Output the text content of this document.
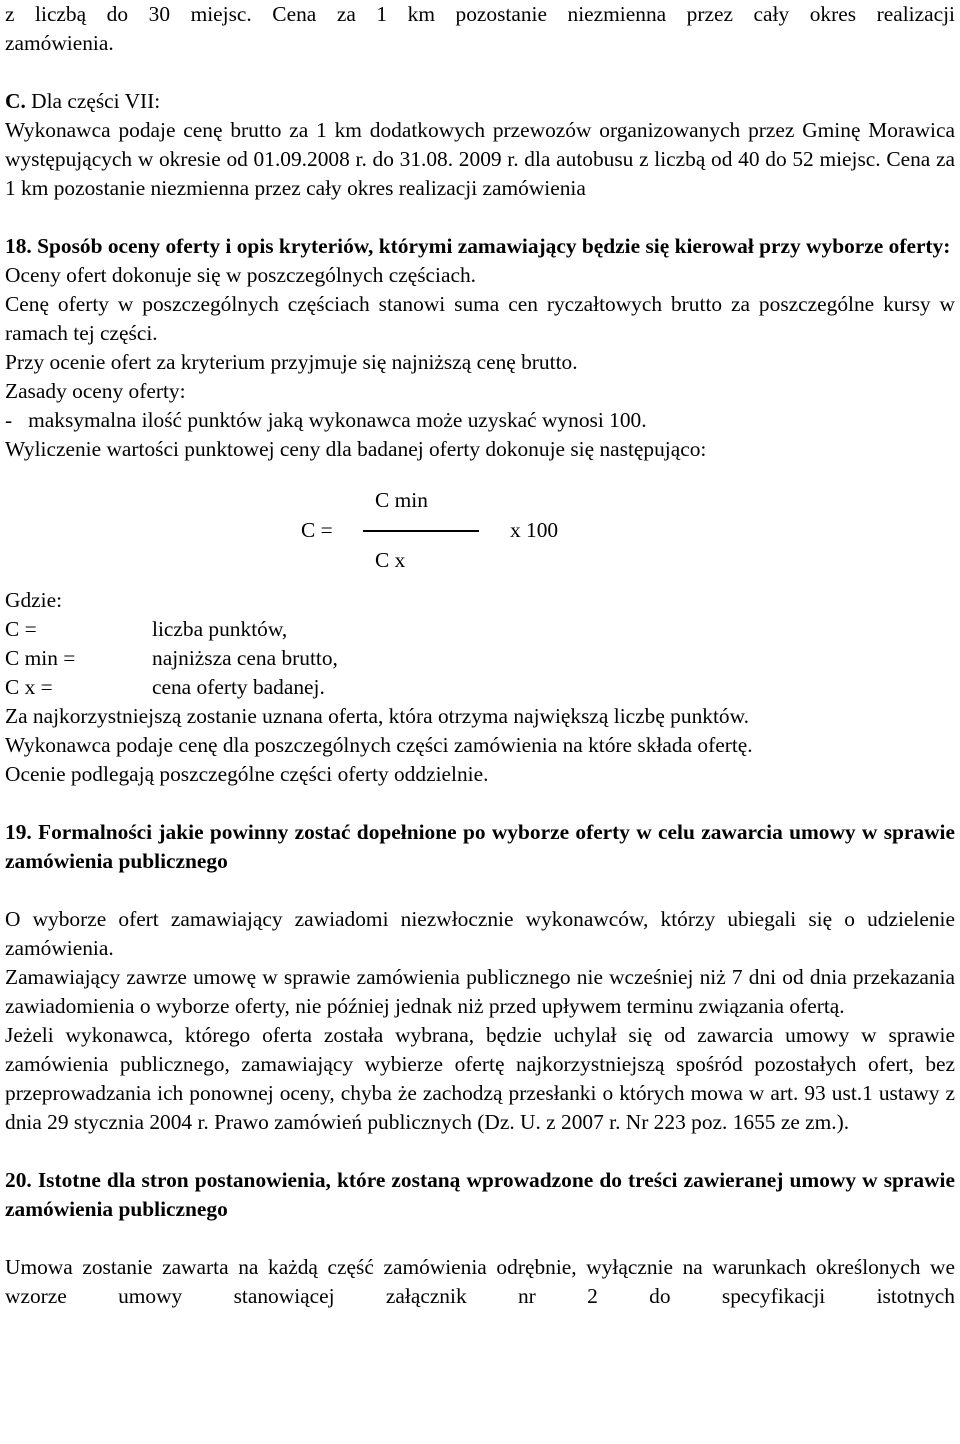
z liczbą do 30 miejsc. Cena za 1 km pozostanie niezmienna przez cały okres realizacji

zamówienia.

C. Dla części VII:

Wykonawca podaje cenę brutto za 1 km dodatkowych przewozów organizowanych przez Gminę Morawica występujących w okresie od 01.09.2008 r. do 31.08. 2009 r. dla autobusu z liczbą od 40 do 52 miejsc. Cena za 1 km pozostanie niezmienna przez cały okres realizacji zamówienia

18. Sposób oceny oferty i opis kryteriów, którymi zamawiający będzie się kierował przy wyborze oferty:

Oceny ofert dokonuje się w poszczególnych częściach.

Cenę oferty w poszczególnych częściach stanowi suma cen ryczałtowych brutto za poszczególne kursy w ramach tej części.

Przy ocenie ofert za kryterium przyjmuje się najniższą cenę brutto.

Zasady oceny oferty:

-   maksymalna ilość punktów jaką wykonawca może uzyskać wynosi 100.

Wyliczenie wartości punktowej ceny dla badanej oferty dokonuje się następująco:

C =
C min
C x
x 100

Gdzie:

C =	liczba punktów,
C min =	najniższa cena brutto,
C x =	cena oferty badanej.

Za najkorzystniejszą zostanie uznana oferta, która otrzyma największą liczbę punktów.

Wykonawca podaje cenę dla poszczególnych części zamówienia na które składa ofertę.

Ocenie podlegają poszczególne części oferty oddzielnie.

19. Formalności jakie powinny zostać dopełnione po wyborze oferty w celu zawarcia umowy w sprawie zamówienia publicznego

O wyborze ofert zamawiający zawiadomi niezwłocznie wykonawców, którzy ubiegali się o udzielenie zamówienia.

Zamawiający zawrze umowę w sprawie zamówienia publicznego nie wcześniej niż 7 dni od dnia przekazania zawiadomienia o wyborze oferty, nie później jednak niż przed upływem terminu związania ofertą.

Jeżeli wykonawca, którego oferta została wybrana, będzie uchylał się od zawarcia umowy w sprawie zamówienia publicznego, zamawiający wybierze ofertę najkorzystniejszą spośród pozostałych ofert, bez przeprowadzania ich ponownej oceny, chyba że zachodzą przesłanki o których mowa w art. 93 ust.1 ustawy z dnia 29 stycznia 2004 r. Prawo zamówień publicznych (Dz. U. z 2007 r. Nr 223 poz. 1655 ze zm.).

20. Istotne dla stron postanowienia, które zostaną wprowadzone do treści zawieranej umowy w sprawie zamówienia publicznego

Umowa zostanie zawarta na każdą część zamówienia odrębnie, wyłącznie na warunkach określonych we wzorze umowy stanowiącej załącznik nr 2 do specyfikacji istotnych
